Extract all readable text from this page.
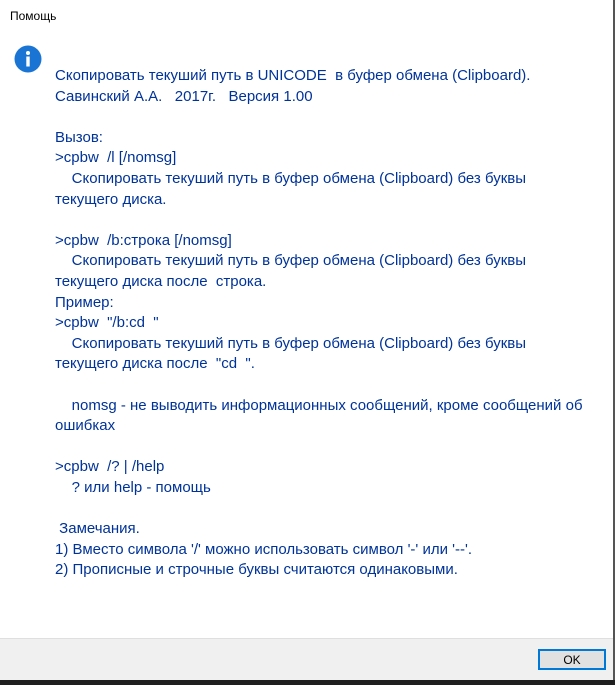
Помощь
Скопировать текуший путь в UNICODE  в буфер обмена (Clipboard).
Савинский А.А.   2017г.   Версия 1.00
Вызов:
>cpbw  /l [/nomsg]
Скопировать текуший путь в буфер обмена (Clipboard) без буквы
текущего диска.
>cpbw  /b:строка [/nomsg]
Скопировать текуший путь в буфер обмена (Clipboard) без буквы
текущего диска после  строка.
Пример:
>cpbw  "/b:cd  "
Скопировать текуший путь в буфер обмена (Clipboard) без буквы
текущего диска после  "cd  ".
nomsg - не выводить информационных сообщений, кроме сообщений об
ошибках
>cpbw  /? | /help
? или help - помощь
Замечания.
1) Вместо символа '/' можно использовать символ '-' или '--'.
2) Прописные и строчные буквы считаются одинаковыми.
OK
